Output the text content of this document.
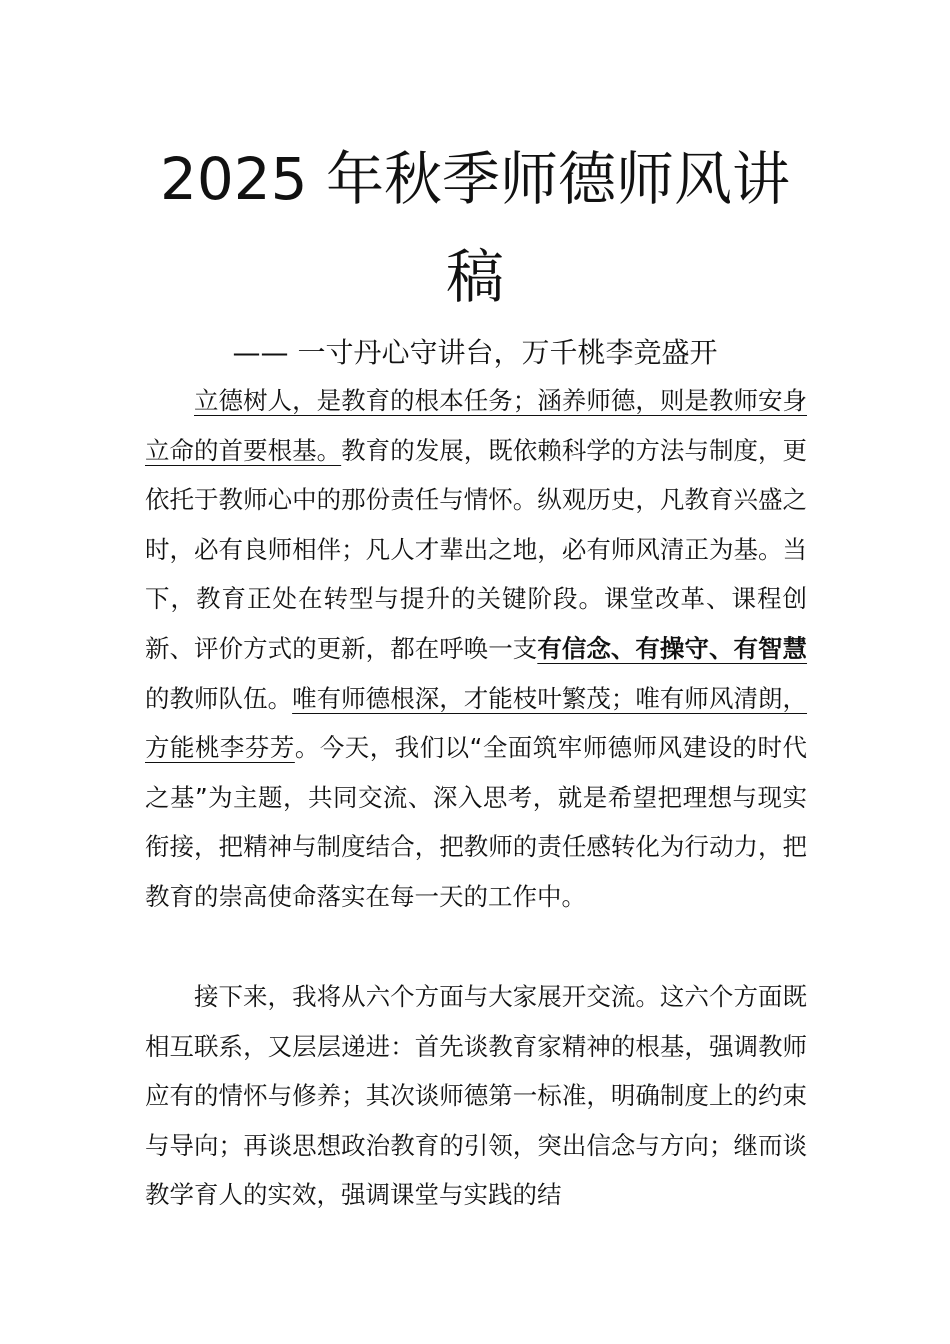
2025 年秋季师德师风讲
稿

—— 一寸丹心守讲台，万千桃李竞盛开

立德树人，是教育的根本任务；涵养师德，则是教师安身立命的首要根基。教育的发展，既依赖科学的方法与制度，更依托于教师心中的那份责任与情怀。纵观历史，凡教育兴盛之时，必有良师相伴；凡人才辈出之地，必有师风清正为基。当下，教育正处在转型与提升的关键阶段。课堂改革、课程创新、评价方式的更新，都在呼唤一支有信念、有操守、有智慧的教师队伍。唯有师德根深，才能枝叶繁茂；唯有师风清朗，方能桃李芬芳。今天，我们以“全面筑牢师德师风建设的时代之基”为主题，共同交流、深入思考，就是希望把理想与现实衔接，把精神与制度结合，把教师的责任感转化为行动力，把教育的崇高使命落实在每一天的工作中。

接下来，我将从六个方面与大家展开交流。这六个方面既相互联系，又层层递进：首先谈教育家精神的根基，强调教师应有的情怀与修养；其次谈师德第一标准，明确制度上的约束与导向；再谈思想政治教育的引领，突出信念与方向；继而谈教学育人的实效，强调课堂与实践的结
